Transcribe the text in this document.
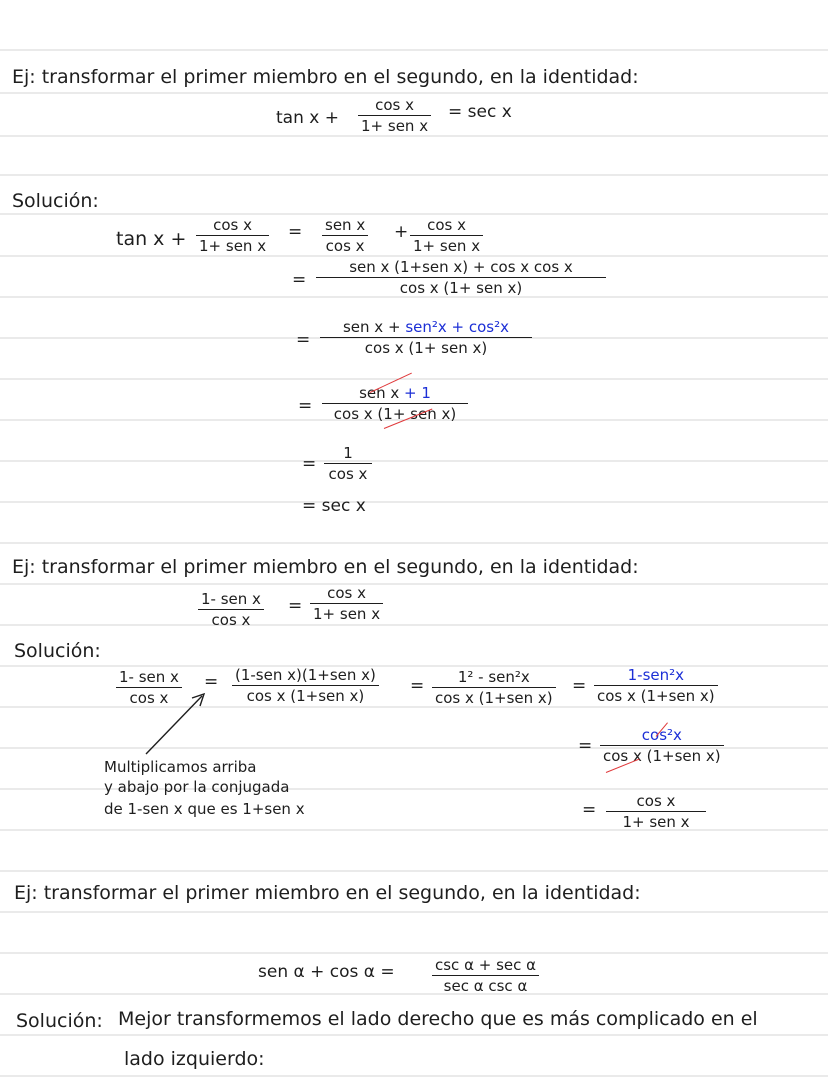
Ej: transformar el primer miembro en el segundo, en la identidad:
tan x +
cos x
1+ sen x
= sec x
Solución:
tan x +
cos x
1+ sen x
= sen x
cos x
+ cos x
1+ sen x
=
sen x (1+sen x) + cos x cos x
cos x (1+ sen x)
=
sen x + sen²x + cos²x
cos x (1+ sen x)
=
sen x + 1
cos x (1+ sen x)
=
1
cos x
= sec x
Ej: transformar el primer miembro en el segundo, en la identidad:
1- sen x
cos x
=
cos x
1+ sen x
Solución:
1- sen x
cos x
= (1-sen x)(1+sen x)
cos x (1+sen x)	= 1² - sen²x
cos x (1+sen x)
=
1-sen²x
cos x (1+sen x)
Multiplicamos arriba
y abajo por la conjugada
de 1-sen x que es 1+sen x
=
cos²x
cos x (1+sen x)
=	cos x
1+ sen x
Ej: transformar el primer miembro en el segundo, en la identidad:
sen α + cos α =	csc α + sec α
sec α csc α
Solución: Mejor transformemos el lado derecho que es más complicado en el
lado izquierdo:
